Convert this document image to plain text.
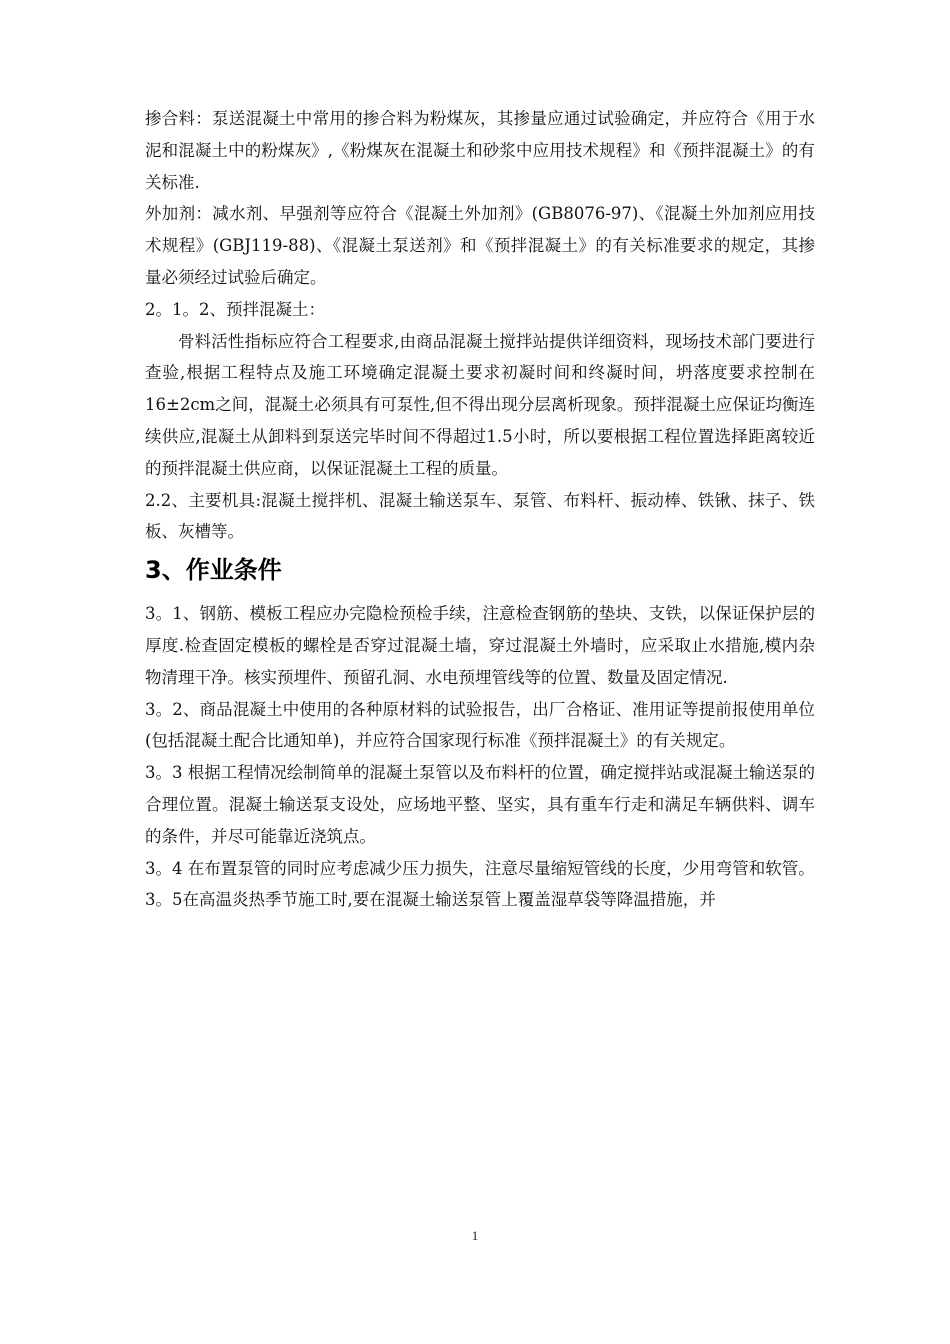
掺合料：泵送混凝土中常用的掺合料为粉煤灰，其掺量应通过试验确定，并应符合《用于水泥和混凝土中的粉煤灰》,《粉煤灰在混凝土和砂浆中应用技术规程》和《预拌混凝土》的有关标准.

外加剂：减水剂、早强剂等应符合《混凝土外加剂》(GB8076-97)、《混凝土外加剂应用技术规程》(GBJ119-88)、《混凝土泵送剂》和《预拌混凝土》的有关标准要求的规定，其掺量必须经过试验后确定。

2。1。2、预拌混凝土：

骨料活性指标应符合工程要求,由商品混凝土搅拌站提供详细资料，现场技术部门要进行查验,根据工程特点及施工环境确定混凝土要求初凝时间和终凝时间，坍落度要求控制在16±2cm之间，混凝土必须具有可泵性,但不得出现分层离析现象。预拌混凝土应保证均衡连续供应,混凝土从卸料到泵送完毕时间不得超过1.5小时，所以要根据工程位置选择距离较近的预拌混凝土供应商，以保证混凝土工程的质量。

2.2、主要机具:混凝土搅拌机、混凝土输送泵车、泵管、布料杆、振动棒、铁锹、抹子、铁板、灰槽等。

3、作业条件

3。1、钢筋、模板工程应办完隐检预检手续，注意检查钢筋的垫块、支铁，以保证保护层的厚度.检查固定模板的螺栓是否穿过混凝土墙，穿过混凝土外墙时，应采取止水措施,模内杂物清理干净。核实预埋件、预留孔洞、水电预埋管线等的位置、数量及固定情况.

3。2、商品混凝土中使用的各种原材料的试验报告，出厂合格证、准用证等提前报使用单位(包括混凝土配合比通知单)，并应符合国家现行标准《预拌混凝土》的有关规定。

3。3 根据工程情况绘制简单的混凝土泵管以及布料杆的位置，确定搅拌站或混凝土输送泵的合理位置。混凝土输送泵支设处，应场地平整、坚实，具有重车行走和满足车辆供料、调车的条件，并尽可能靠近浇筑点。

3。4 在布置泵管的同时应考虑减少压力损失，注意尽量缩短管线的长度，少用弯管和软管。

3。5在高温炎热季节施工时,要在混凝土输送泵管上覆盖湿草袋等降温措施，并

1
